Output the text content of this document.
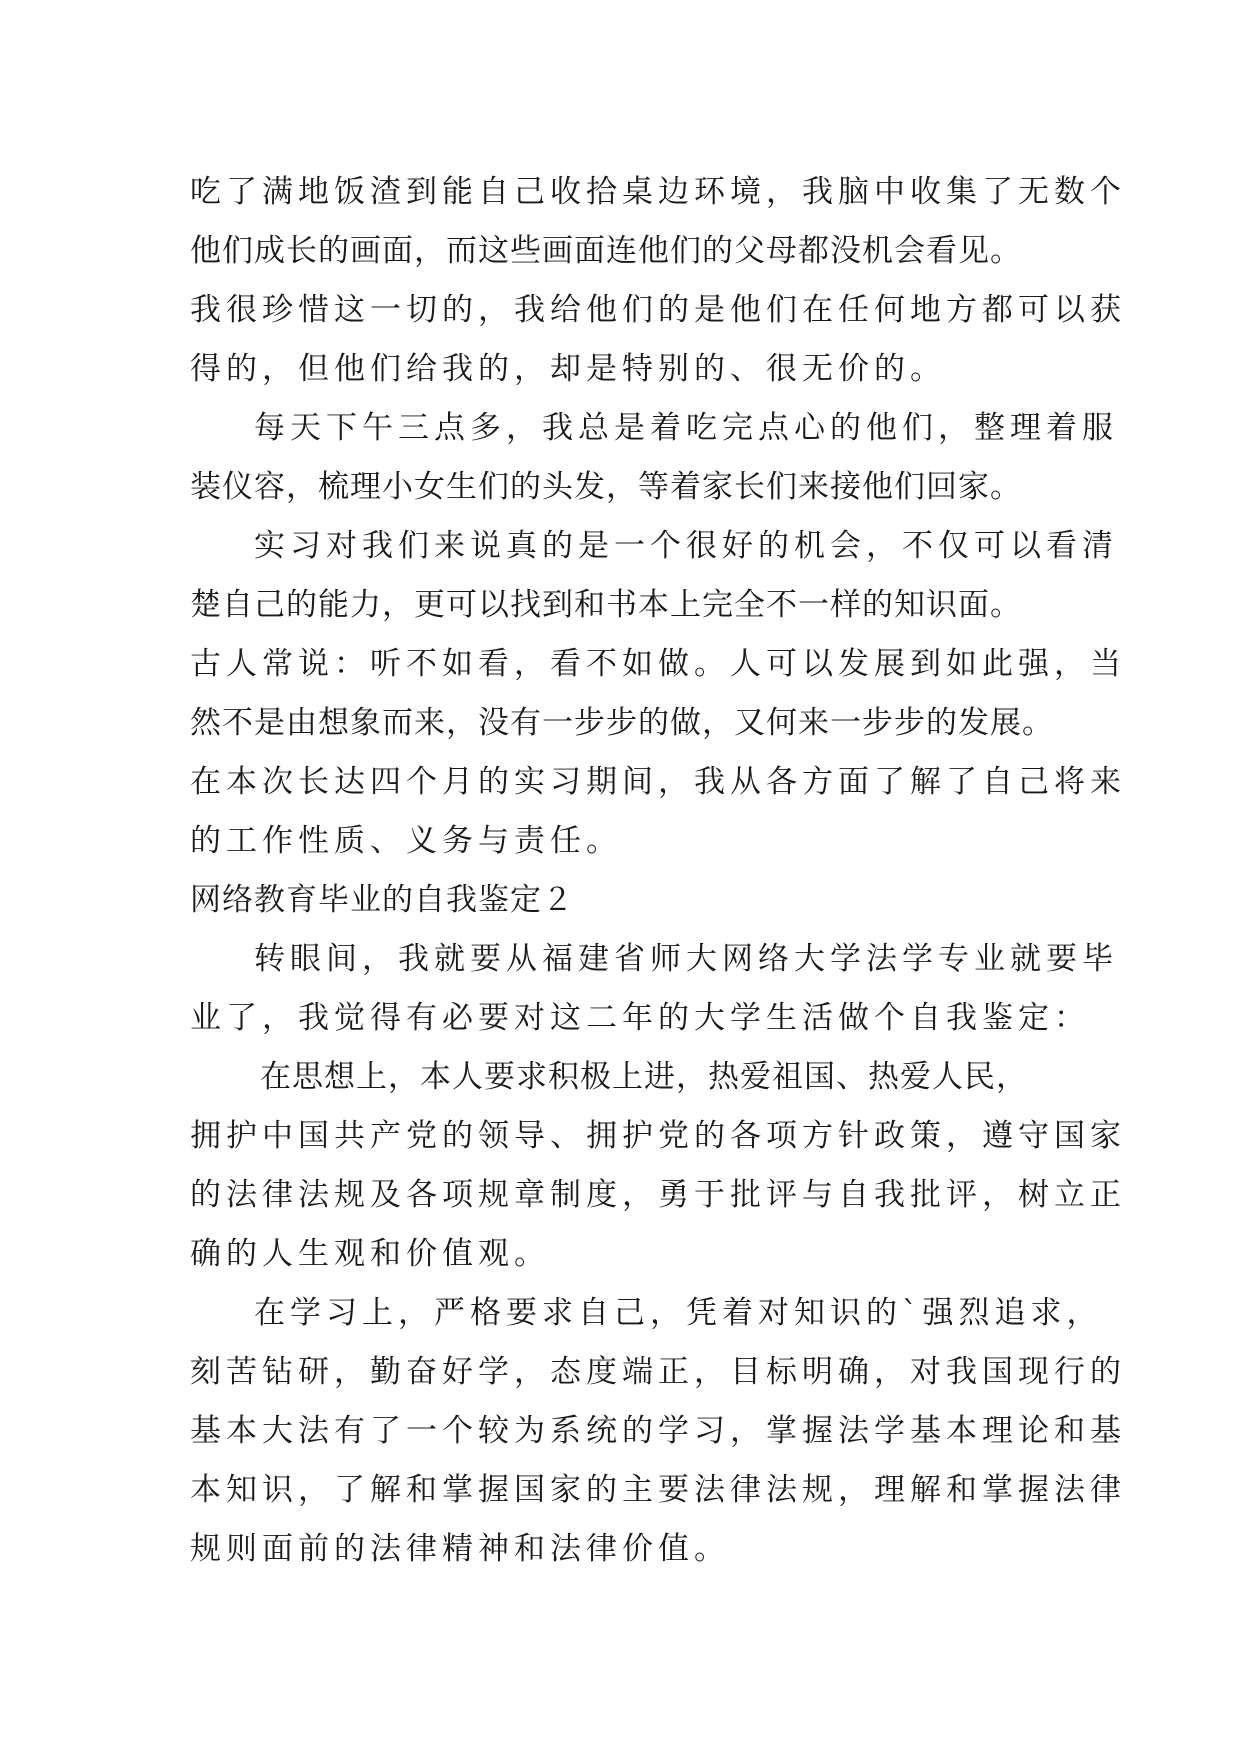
吃了满地饭渣到能自己收拾桌边环境，我脑中收集了无数个
他们成长的画面，而这些画面连他们的父母都没机会看见。
我很珍惜这一切的，我给他们的是他们在任何地方都可以获
得的，但他们给我的，却是特别的、很无价的。
每天下午三点多，我总是着吃完点心的他们，整理着服
装仪容，梳理小女生们的头发，等着家长们来接他们回家。
实习对我们来说真的是一个很好的机会，不仅可以看清
楚自己的能力，更可以找到和书本上完全不一样的知识面。
古人常说：听不如看，看不如做。人可以发展到如此强，当
然不是由想象而来，没有一步步的做，又何来一步步的发展。
在本次长达四个月的实习期间，我从各方面了解了自己将来
的工作性质、义务与责任。
网络教育毕业的自我鉴定２
转眼间，我就要从福建省师大网络大学法学专业就要毕
业了，我觉得有必要对这二年的大学生活做个自我鉴定：
在思想上，本人要求积极上进，热爱祖国、热爱人民，
拥护中国共产党的领导、拥护党的各项方针政策，遵守国家
的法律法规及各项规章制度，勇于批评与自我批评，树立正
确的人生观和价值观。
在学习上，严格要求自己，凭着对知识的`强烈追求，
刻苦钻研，勤奋好学，态度端正，目标明确，对我国现行的
基本大法有了一个较为系统的学习，掌握法学基本理论和基
本知识，了解和掌握国家的主要法律法规，理解和掌握法律
规则面前的法律精神和法律价值。
